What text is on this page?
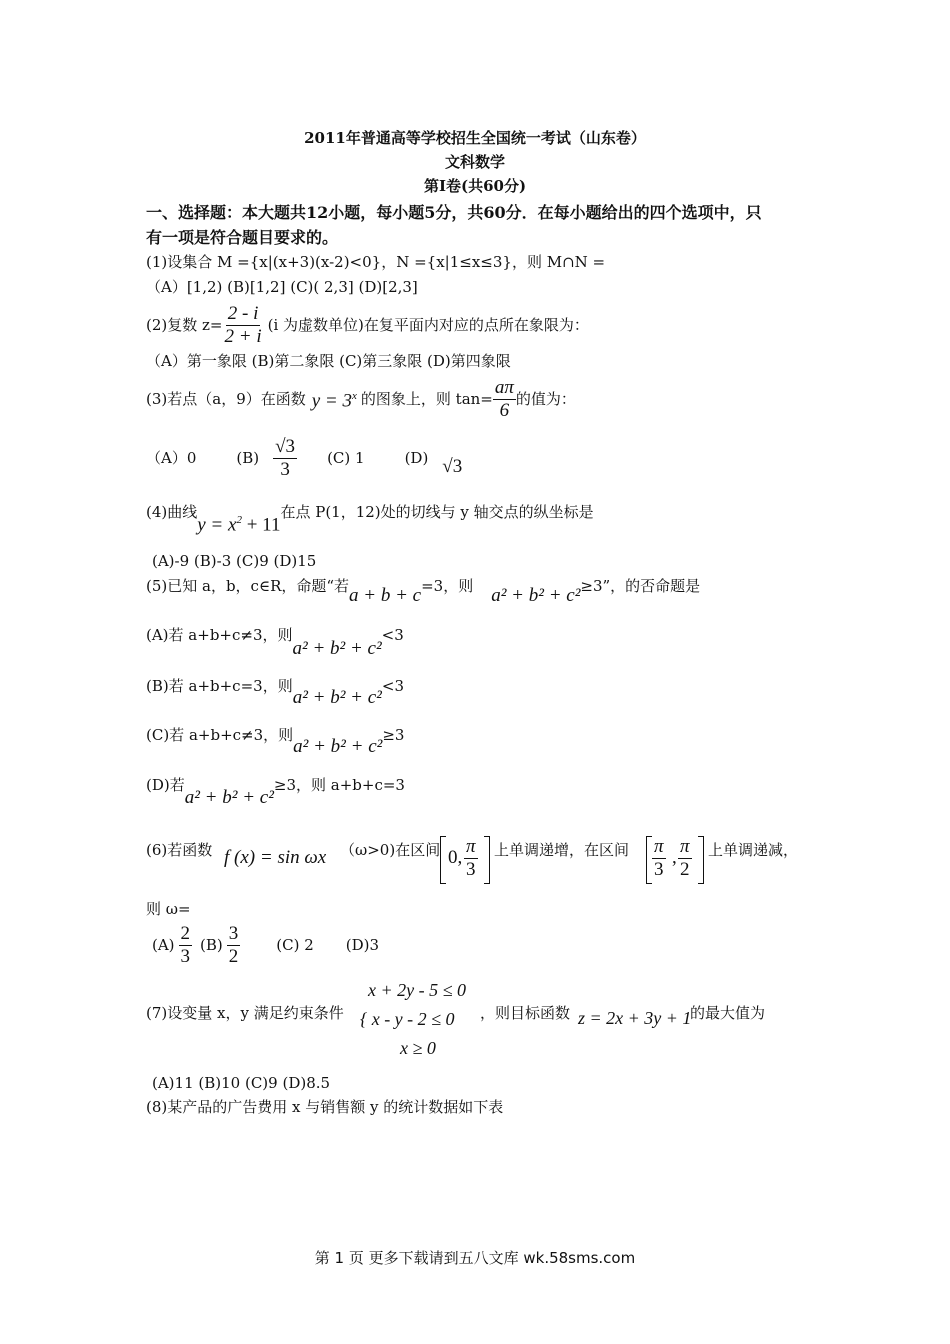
2011年普通高等学校招生全国统一考试（山东卷）
文科数学
第Ⅰ卷(共60分)
一、选择题：本大题共12小题，每小题5分，共60分．在每小题给出的四个选项中，只
有一项是符合题目要求的。
(1)设集合 M ={x|(x+3)(x-2)<0}，N ={x|1≤x≤3}，则 M∩N =
（A）[1,2) (B)[1,2] (C)( 2,3] (D)[2,3]
(2)复数 $z= \frac{2 - i}{2 + i} (i$ 为虚数单位)在复平面内对应的点所在象限为：
（A）第一象限 (B)第二象限 (C)第三象限 (D)第四象限
(3)若点（a，9）在函数 $y = 3^x$ 的图象上，则 $\tan= \frac{a\pi}{6}$ 的值为：
（A）0	$(B) \frac{√3}{3} (C)$ 1	(D) √3
(4)曲线
$y = x^2 + 11$
在点 P(1，12)处的切线与 y 轴交点的纵坐标是
(A)-9 (B)-3 (C)9 (D)15
(5)已知 a，b，c∈R，命题“若 a + b + c =3，则 a² + b² + c² ≥3”，的否命题是
(A)若 a+b+c≠3，则
a² + b² + c²
<3
(B)若 a+b+c=3，则
a² + b² + c²
<3
(C)若 a+b+c≠3，则
a² + b² + c²
≥3
(D)若
a² + b² + c²
≥3，则 a+b+c=3
(6)若函数 f (x) = sin ωx （ω>0)在区间 0, $\frac{\pi}{3}$ 上单调递增，在区间 $\frac{\pi}{3}$ , $\frac{\pi}{2}$ 上单调递减，
则 ω=
$(A) \frac{2}{3} (B) \frac{3}{2} (C)$ 2 (D)3
x + 2y - 5 ≤ 0
(7)设变量 x，y 满足约束条件 { x - y - 2 ≤ 0 ，则目标函数 z = 2x + 3y + 1
的最大值为
x ≥ 0
(A)11 (B)10 (C)9 (D)8.5
(8)某产品的广告费用 x 与销售额 y 的统计数据如下表
第 1 页 更多下载请到五八文库 wk.58sms.com
